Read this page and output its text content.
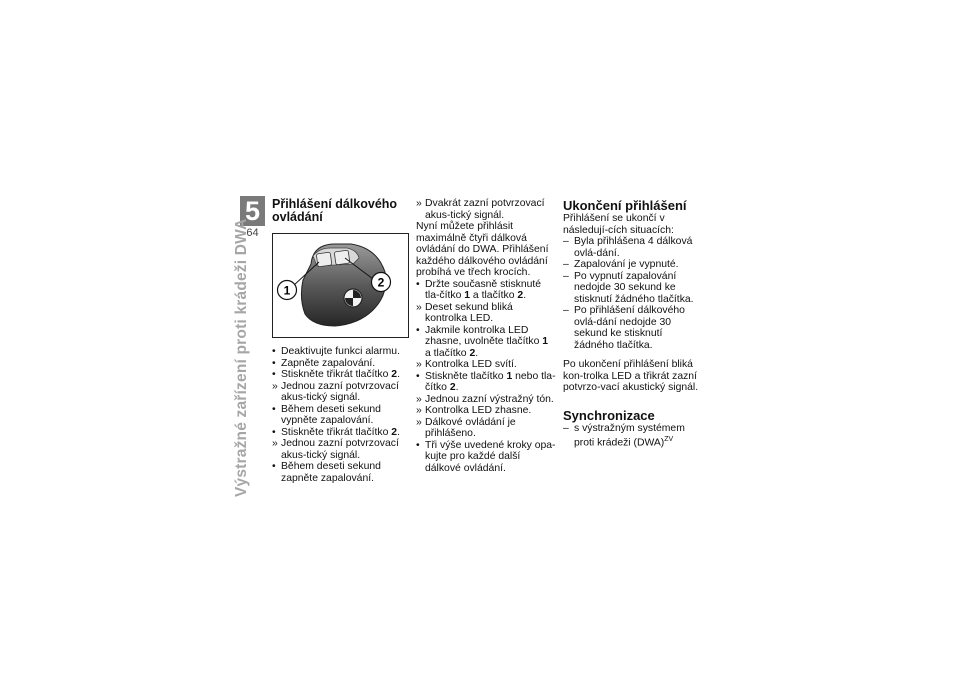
5
64
Výstražné zařízení proti krádeži DWA
Přihlášení dálkového ovládání
1
2
• Deaktivujte funkci alarmu.
• Zapněte zapalování.
• Stiskněte třikrát tlačítko 2.
» Jednou zazní potvrzovací akus-tický signál.
• Během deseti sekund vypněte zapalování.
• Stiskněte třikrát tlačítko 2.
» Jednou zazní potvrzovací akus-tický signál.
• Během deseti sekund zapněte zapalování.
» Dvakrát zazní potvrzovací akus-tický signál.

Nyní můžete přihlásit maximálně čtyři dálková ovládání do DWA. Přihlášení každého dálkového ovládání probíhá ve třech krocích.

• Držte současně stisknuté tla-čítko 1 a tlačítko 2.
» Deset sekund bliká kontrolka LED.
• Jakmile kontrolka LED zhasne, uvolněte tlačítko 1 a tlačítko 2.
» Kontrolka LED svítí.
• Stiskněte tlačítko 1 nebo tla-čítko 2.
» Jednou zazní výstražný tón.
» Kontrolka LED zhasne.
» Dálkové ovládání je přihlášeno.
• Tři výše uvedené kroky opa-kujte pro každé další dálkové ovládání.
Ukončení přihlášení

Přihlášení se ukončí v následují-cích situacích:

– Byla přihlášena 4 dálková ovlá-dání.
– Zapalování je vypnuté.
– Po vypnutí zapalování nedojde 30 sekund ke stisknutí žádného tlačítka.
– Po přihlášení dálkového ovlá-dání nedojde 30 sekund ke stisknutí žádného tlačítka.

Po ukončení přihlášení bliká kon-trolka LED a třikrát zazní potvrzo-vací akustický signál.

Synchronizace
– s výstražným systémem proti krádeži (DWA)$^{ZV}$
